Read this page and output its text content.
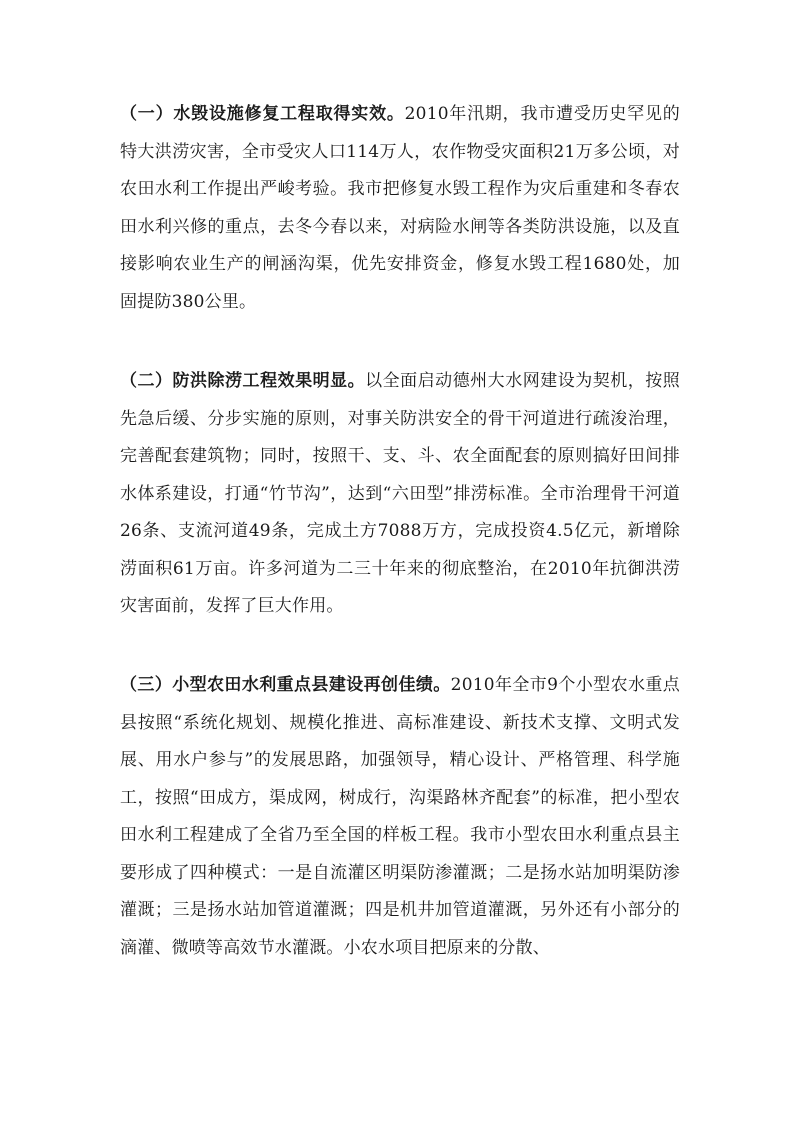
（一）水毁设施修复工程取得实效。2010年汛期，我市遭受历史罕见的特大洪涝灾害，全市受灾人口114万人，农作物受灾面积21万多公顷，对农田水利工作提出严峻考验。我市把修复水毁工程作为灾后重建和冬春农田水利兴修的重点，去冬今春以来，对病险水闸等各类防洪设施，以及直接影响农业生产的闸涵沟渠，优先安排资金，修复水毁工程1680处，加固提防380公里。

（二）防洪除涝工程效果明显。以全面启动德州大水网建设为契机，按照先急后缓、分步实施的原则，对事关防洪安全的骨干河道进行疏浚治理，完善配套建筑物；同时，按照干、支、斗、农全面配套的原则搞好田间排水体系建设，打通“竹节沟”，达到“六田型”排涝标准。全市治理骨干河道26条、支流河道49条，完成土方7088万方，完成投资4.5亿元，新增除涝面积61万亩。许多河道为二三十年来的彻底整治，在2010年抗御洪涝灾害面前，发挥了巨大作用。

（三）小型农田水利重点县建设再创佳绩。2010年全市9个小型农水重点县按照“系统化规划、规模化推进、高标准建设、新技术支撑、文明式发展、用水户参与”的发展思路，加强领导，精心设计、严格管理、科学施工，按照“田成方，渠成网，树成行，沟渠路林齐配套”的标准，把小型农田水利工程建成了全省乃至全国的样板工程。我市小型农田水利重点县主要形成了四种模式：一是自流灌区明渠防渗灌溉；二是扬水站加明渠防渗灌溉；三是扬水站加管道灌溉；四是机井加管道灌溉，另外还有小部分的滴灌、微喷等高效节水灌溉。小农水项目把原来的分散、
